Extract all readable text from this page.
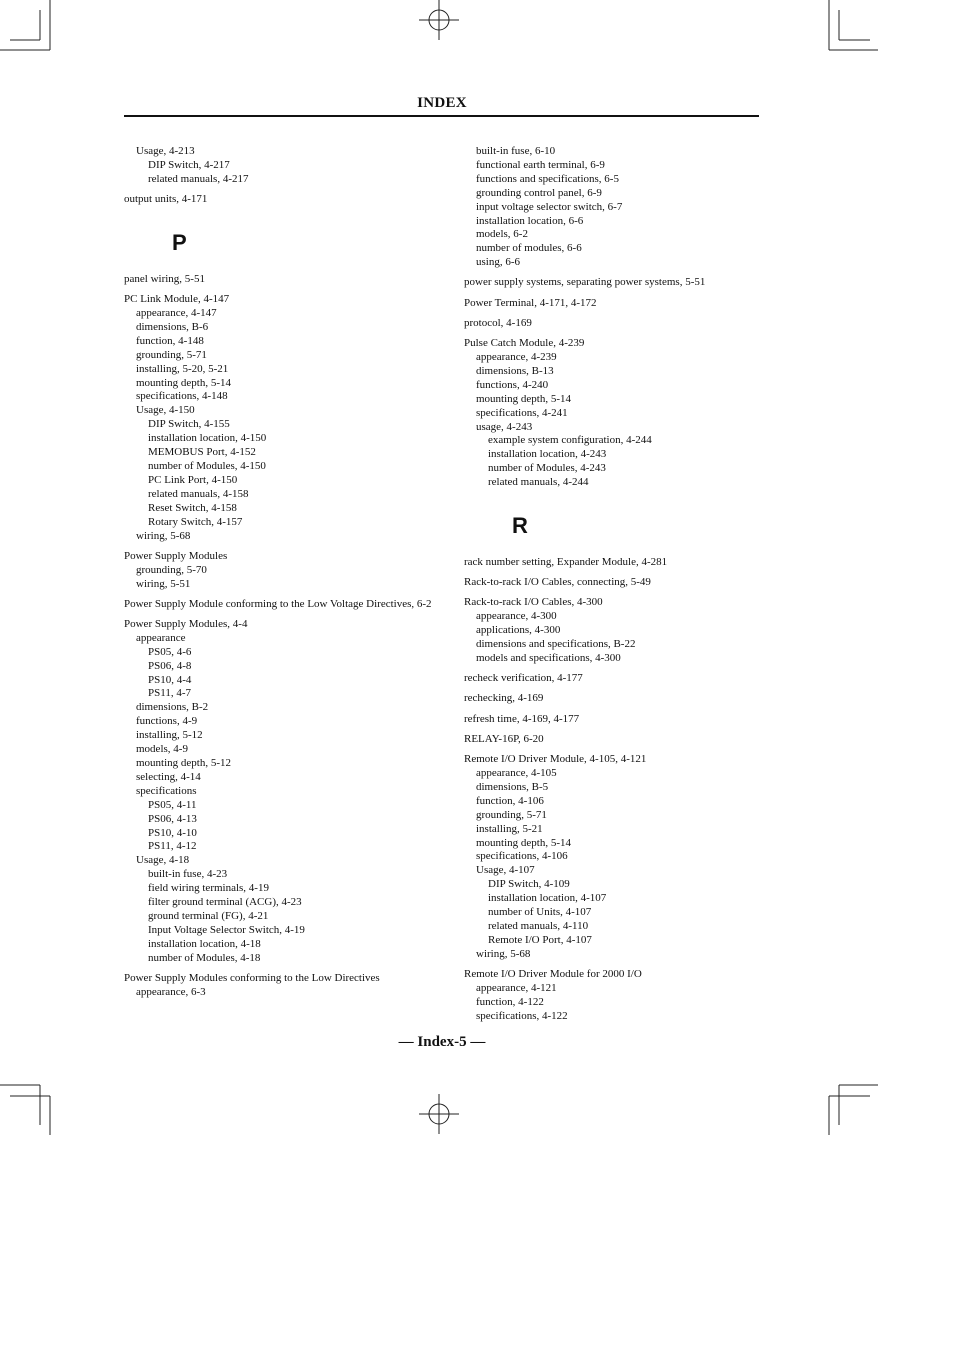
INDEX
Usage, 4-213
DIP Switch, 4-217
related manuals, 4-217
output units, 4-171
P
panel wiring, 5-51
PC Link Module, 4-147
appearance, 4-147
dimensions, B-6
function, 4-148
grounding, 5-71
installing, 5-20, 5-21
mounting depth, 5-14
specifications, 4-148
Usage, 4-150
DIP Switch, 4-155
installation location, 4-150
MEMOBUS Port, 4-152
number of Modules, 4-150
PC Link Port, 4-150
related manuals, 4-158
Reset Switch, 4-158
Rotary Switch, 4-157
wiring, 5-68
Power Supply Modules
grounding, 5-70
wiring, 5-51
Power Supply Module conforming to the Low Voltage Directives, 6-2
Power Supply Modules, 4-4
appearance
PS05, 4-6
PS06, 4-8
PS10, 4-4
PS11, 4-7
dimensions, B-2
functions, 4-9
installing, 5-12
models, 4-9
mounting depth, 5-12
selecting, 4-14
specifications
PS05, 4-11
PS06, 4-13
PS10, 4-10
PS11, 4-12
Usage, 4-18
built-in fuse, 4-23
field wiring terminals, 4-19
filter ground terminal (ACG), 4-23
ground terminal (FG), 4-21
Input Voltage Selector Switch, 4-19
installation location, 4-18
number of Modules, 4-18
Power Supply Modules conforming to the Low Directives
appearance, 6-3
built-in fuse, 6-10
functional earth terminal, 6-9
functions and specifications, 6-5
grounding control panel, 6-9
input voltage selector switch, 6-7
installation location, 6-6
models, 6-2
number of modules, 6-6
using, 6-6
power supply systems, separating power systems, 5-51
Power Terminal, 4-171, 4-172
protocol, 4-169
Pulse Catch Module, 4-239
appearance, 4-239
dimensions, B-13
functions, 4-240
mounting depth, 5-14
specifications, 4-241
usage, 4-243
example system configuration, 4-244
installation location, 4-243
number of Modules, 4-243
related manuals, 4-244
R
rack number setting, Expander Module, 4-281
Rack-to-rack I/O Cables, connecting, 5-49
Rack-to-rack I/O Cables, 4-300
appearance, 4-300
applications, 4-300
dimensions and specifications, B-22
models and specifications, 4-300
recheck verification, 4-177
rechecking, 4-169
refresh time, 4-169, 4-177
RELAY-16P, 6-20
Remote I/O Driver Module, 4-105, 4-121
appearance, 4-105
dimensions, B-5
function, 4-106
grounding, 5-71
installing, 5-21
mounting depth, 5-14
specifications, 4-106
Usage, 4-107
DIP Switch, 4-109
installation location, 4-107
number of Units, 4-107
related manuals, 4-110
Remote I/O Port, 4-107
wiring, 5-68
Remote I/O Driver Module for 2000 I/O
appearance, 4-121
function, 4-122
specifications, 4-122
— Index-5 —
